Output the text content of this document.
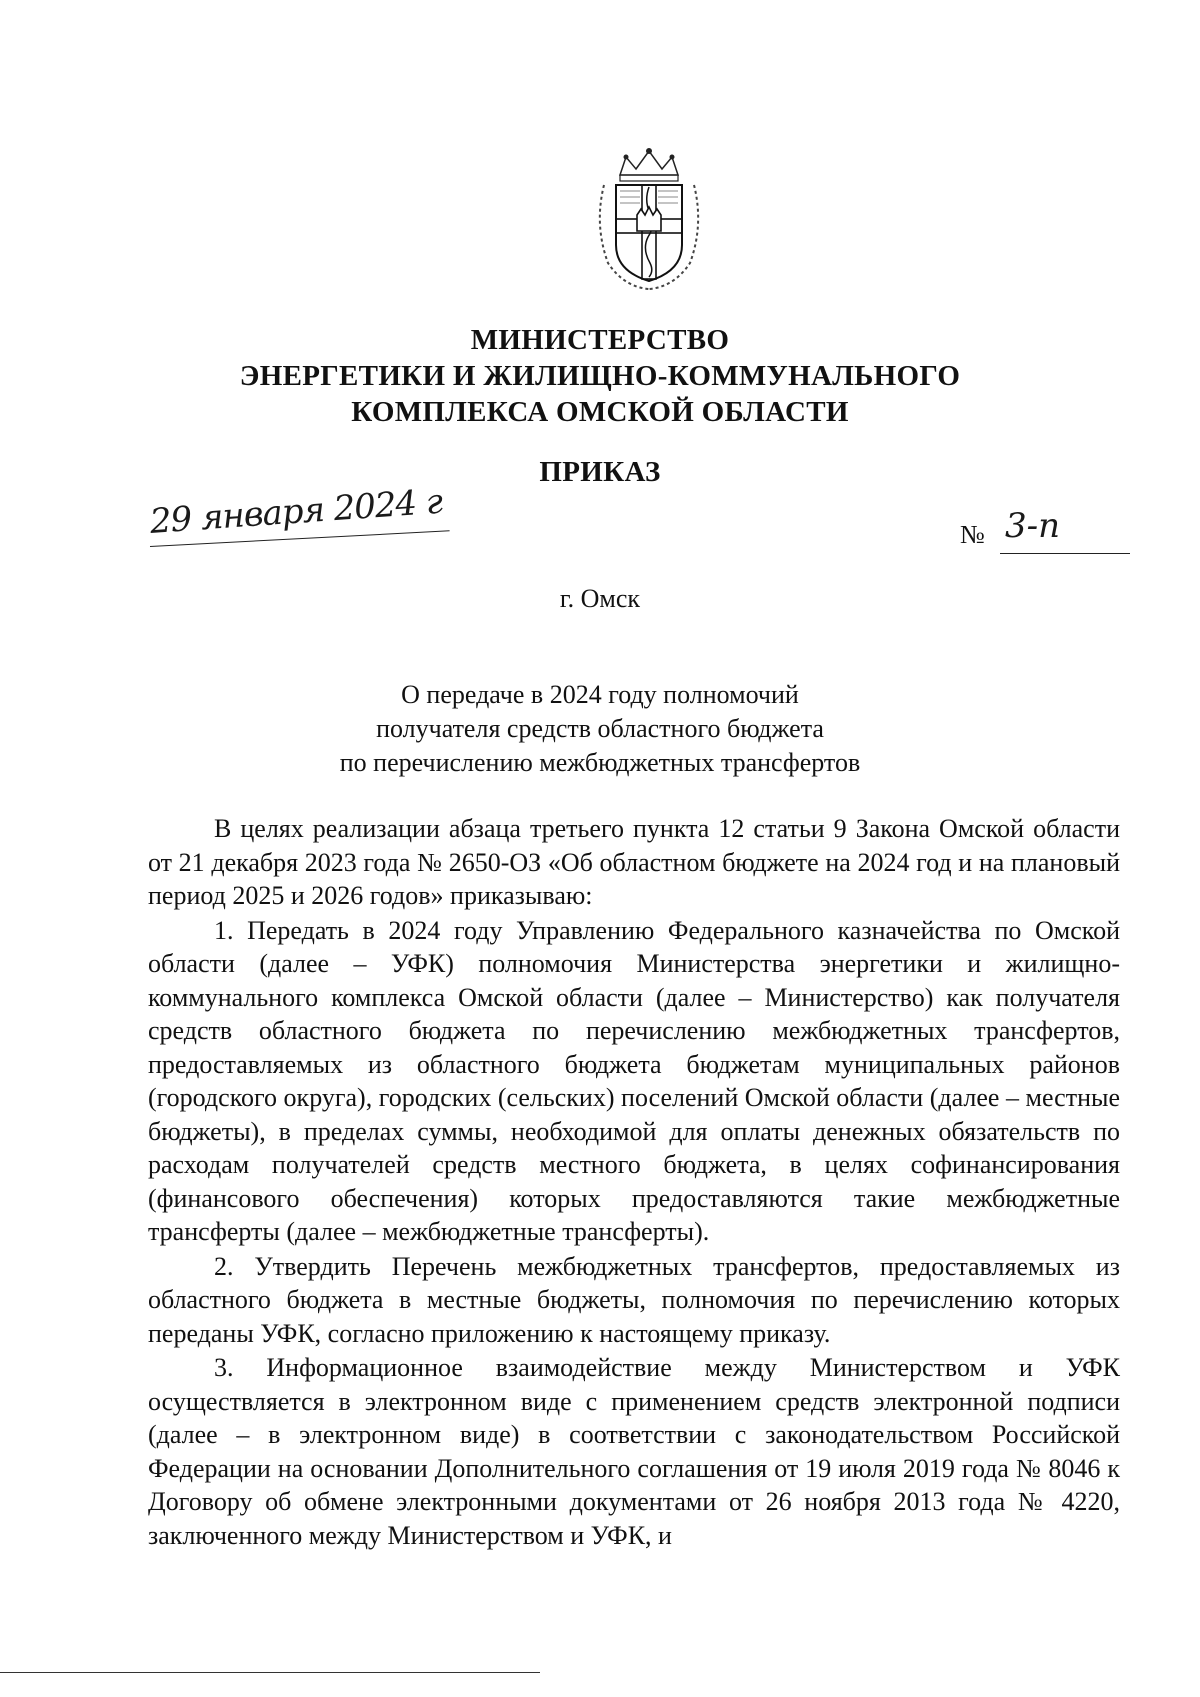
МИНИСТЕРСТВО
ЭНЕРГЕТИКИ И ЖИЛИЩНО-КОММУНАЛЬНОГО
КОМПЛЕКСА ОМСКОЙ ОБЛАСТИ
ПРИКАЗ
29 января 2024 г	№ 3-п
г. Омск
О передаче в 2024 году полномочий
получателя средств областного бюджета
по перечислению межбюджетных трансфертов

В целях реализации абзаца третьего пункта 12 статьи 9 Закона Омской области от 21 декабря 2023 года № 2650-ОЗ «Об областном бюджете на 2024 год и на плановый период 2025 и 2026 годов» приказываю:

1. Передать в 2024 году Управлению Федерального казначейства по Омской области (далее – УФК) полномочия Министерства энергетики и жилищно-коммунального комплекса Омской области (далее – Министерство) как получателя средств областного бюджета по перечислению межбюджетных трансфертов, предоставляемых из областного бюджета бюджетам муниципальных районов (городского округа), городских (сельских) поселений Омской области (далее – местные бюджеты), в пределах суммы, необходимой для оплаты денежных обязательств по расходам получателей средств местного бюджета, в целях софинансирования (финансового обеспечения) которых предоставляются такие межбюджетные трансферты (далее – межбюджетные трансферты).

2. Утвердить Перечень межбюджетных трансфертов, предоставляемых из областного бюджета в местные бюджеты, полномочия по перечислению которых переданы УФК, согласно приложению к настоящему приказу.

3. Информационное взаимодействие между Министерством и УФК осуществляется в электронном виде с применением средств электронной подписи (далее – в электронном виде) в соответствии с законодательством Российской Федерации на основании Дополнительного соглашения от 19 июля 2019 года № 8046 к Договору об обмене электронными документами от 26 ноября 2013 года № 4220, заключенного между Министерством и УФК, и
